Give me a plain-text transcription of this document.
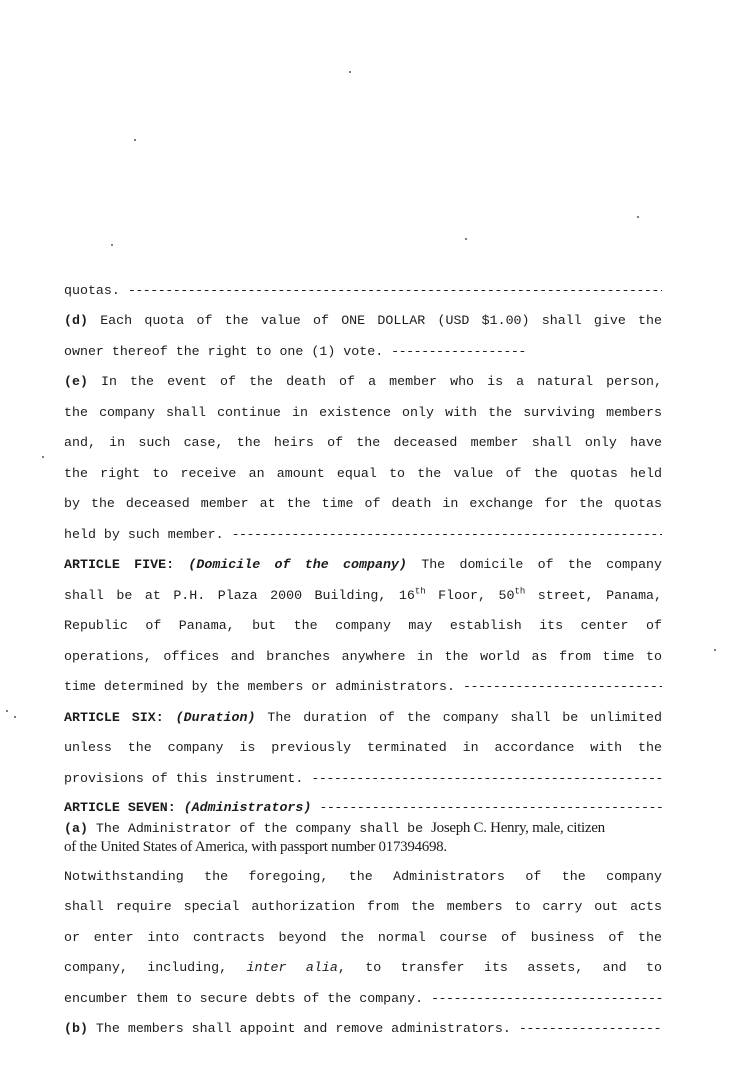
quotas. -----
(d) Each quota of the value of ONE DOLLAR (USD $1.00) shall give the
owner thereof the right to one (1) vote. -----
(e) In the event of the death of a member who is a natural person,
the company shall continue in existence only with the surviving members
and, in such case, the heirs of the deceased member shall only have
the right to receive an amount equal to the value of the quotas held
by the deceased member at the time of death in exchange for the quotas
held by such member. -----
ARTICLE FIVE: (Domicile of the company) The domicile of the company
shall be at P.H. Plaza 2000 Building, 16th Floor, 50th street, Panama,
Republic of Panama, but the company may establish its center of
operations, offices and branches anywhere in the world as from time to
time determined by the members or administrators. -----
ARTICLE SIX: (Duration) The duration of the company shall be unlimited
unless the company is previously terminated in accordance with the
provisions of this instrument. -----
ARTICLE SEVEN: (Administrators) -----
(a) The Administrator of the company shall be Joseph C. Henry, male, citizen
of the United States of America, with passport number 017394698.
Notwithstanding the foregoing, the Administrators of the company
shall require special authorization from the members to carry out acts
or enter into contracts beyond the normal course of business of the
company, including, inter alia, to transfer its assets, and to
encumber them to secure debts of the company. -----
(b) The members shall appoint and remove administrators. -----
